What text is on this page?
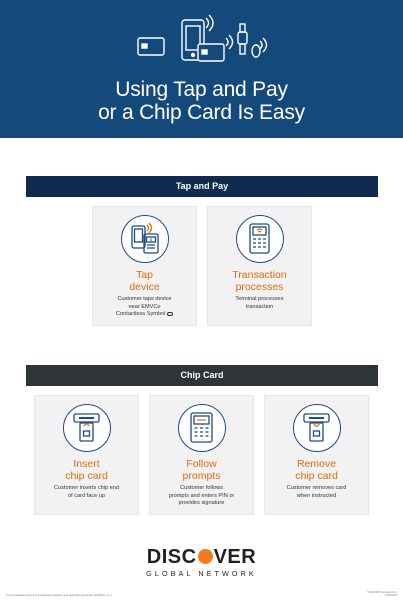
Using Tap and Pay
or a Chip Card Is Easy
Tap and Pay
$
Tap
device
Customer taps device
near EMVCo
Contactless Symbol
Transaction
processes
Terminal processes
transaction
Chip Card
Insert
chip card
Customer inserts chip end
of card face up
Follow
prompts
Customer follows
prompts and enters PIN or
provides signature
Remove
chip card
Customer removes card
when instructed
DISC VER
GLOBAL NETWORK
The Contactless Symbol is a trademark owned by and used with permission of EMVCo, LLC.
©2018 DFS Services LLC
DGN1234
